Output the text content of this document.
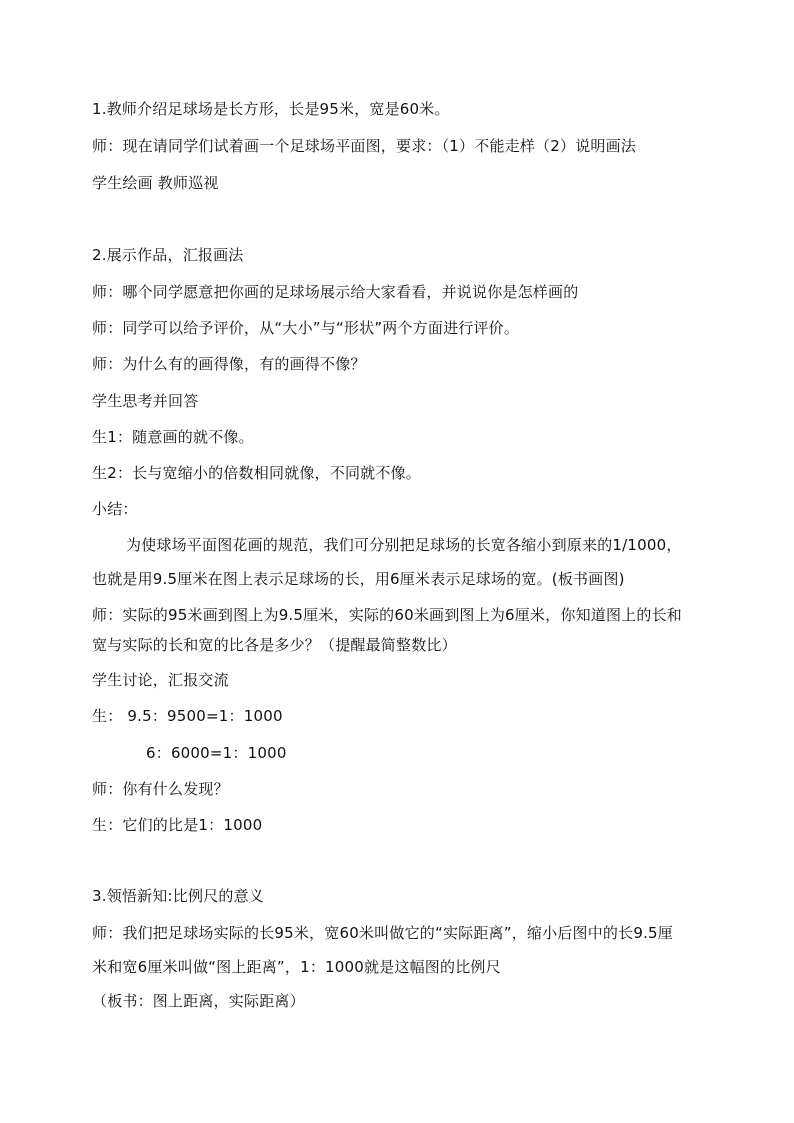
1.教师介绍足球场是长方形，长是95米，宽是60米。
师：现在请同学们试着画一个足球场平面图，要求：（1）不能走样（2）说明画法
学生绘画 教师巡视
2.展示作品，汇报画法
师：哪个同学愿意把你画的足球场展示给大家看看，并说说你是怎样画的
师：同学可以给予评价，从“大小”与“形状”两个方面进行评价。
师：为什么有的画得像，有的画得不像？
学生思考并回答
生1：随意画的就不像。
生2：长与宽缩小的倍数相同就像，不同就不像。
小结：
为使球场平面图花画的规范，我们可分别把足球场的长宽各缩小到原来的1/1000，
也就是用9.5厘米在图上表示足球场的长，用6厘米表示足球场的宽。(板书画图)
师：实际的95米画到图上为9.5厘米，实际的60米画到图上为6厘米，你知道图上的长和
宽与实际的长和宽的比各是多少？（提醒最简整数比）
学生讨论，汇报交流
生： 9.5：9500=1：1000
6：6000=1：1000
师：你有什么发现？
生：它们的比是1：1000
3.领悟新知:比例尺的意义
师：我们把足球场实际的长95米，宽60米叫做它的“实际距离”，缩小后图中的长9.5厘
米和宽6厘米叫做“图上距离”，1：1000就是这幅图的比例尺
（板书：图上距离，实际距离）
